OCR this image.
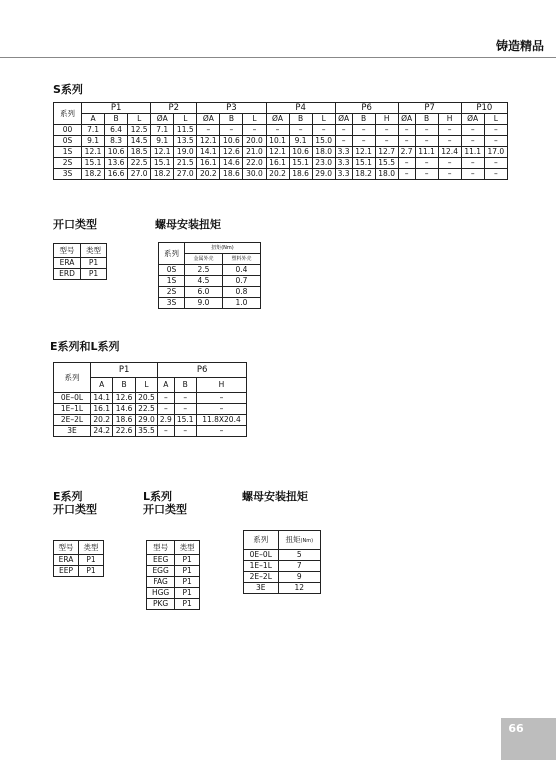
铸造精品
S系列
系列	P1			P2		P3			P4			P6			P7			P10	
	A	B	L	ØA	L	ØA	B	L	ØA	B	L	ØA	B	H	ØA	B	H	ØA	L
00	7.1	6.4	12.5	7.1	11.5	–	–	–	–	–	–	–	–	–	–	–	–	–	–
0S	9.1	8.3	14.5	9.1	13.5	12.1	10.6	20.0	10.1	9.1	15.0	–	–	–	–	–	–	–	–
1S	12.1	10.6	18.5	12.1	19.0	14.1	12.6	21.0	12.1	10.6	18.0	3.3	12.1	12.7	2.7	11.1	12.4	11.1	17.0
2S	15.1	13.6	22.5	15.1	21.5	16.1	14.6	22.0	16.1	15.1	23.0	3.3	15.1	15.5	–	–	–	–	–
3S	18.2	16.6	27.0	18.2	27.0	20.2	18.6	30.0	20.2	18.6	29.0	3.3	18.2	18.0	–	–	–	–	–
开口类型
型号	类型
ERA	P1
ERD	P1
螺母安装扭矩
系列	扭矩(Nm)	
	金属外壳	塑料外壳
0S	2.5	0.4
1S	4.5	0.7
2S	6.0	0.8
3S	9.0	1.0
E系列和L系列
系列	P1			P6		
	A	B	L	A	B	H
0E–0L	14.1	12.6	20.5	–	–	–
1E–1L	16.1	14.6	22.5	–	–	–
2E–2L	20.2	18.6	29.0	2.9	15.1	11.8X20.4
3E	24.2	22.6	35.5	–	–	–
E系列
开口类型
型号	类型
ERA	P1
EEP	P1
L系列
开口类型
型号	类型
EEG	P1
EGG	P1
FAG	P1
HGG	P1
PKG	P1
螺母安装扭矩
系列	扭矩(Nm)
0E–0L	5
1E–1L	7
2E–2L	9
3E	12
66
